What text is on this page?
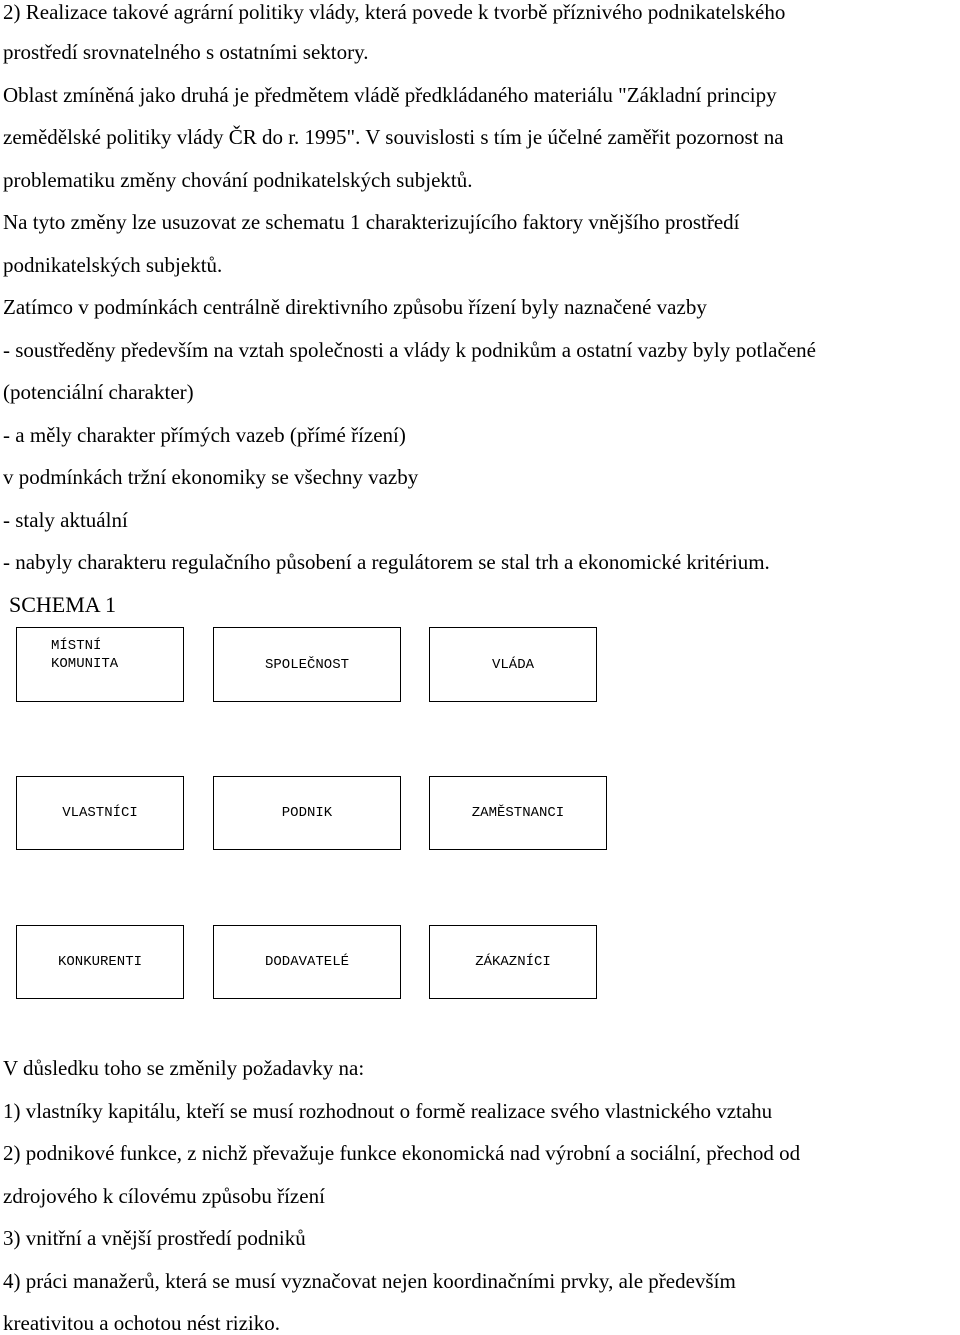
2) Realizace takové agrární politiky vlády, která povede k tvorbě příznivého podnikatelského
prostředí srovnatelného s ostatními sektory.
Oblast zmíněná jako druhá je předmětem vládě předkládaného materiálu "Základní principy
zemědělské politiky vlády ČR do r. 1995". V souvislosti s tím je účelné zaměřit pozornost na
problematiku změny chování podnikatelských subjektů.
Na tyto změny lze usuzovat ze schematu 1 charakterizujícího faktory vnějšího prostředí
podnikatelských subjektů.
Zatímco v podmínkách centrálně direktivního způsobu řízení byly naznačené vazby
- soustředěny především na vztah společnosti a vlády k podnikům a ostatní vazby byly potlačené
(potenciální charakter)
- a měly charakter přímých vazeb (přímé řízení)
v podmínkách tržní ekonomiky se všechny vazby
- staly aktuální
- nabyly charakteru regulačního působení a regulátorem se stal trh a ekonomické kritérium.
SCHEMA 1
MÍSTNÍ
KOMUNITA	SPOLEČNOST	VLÁDA
VLASTNÍCI	PODNIK	ZAMĚSTNANCI
KONKURENTI	DODAVATELÉ	ZÁKAZNÍCI
V důsledku toho se změnily požadavky na:
1) vlastníky kapitálu, kteří se musí rozhodnout o formě realizace svého vlastnického vztahu
2) podnikové funkce, z nichž převažuje funkce ekonomická nad výrobní a sociální, přechod od
zdrojového k cílovému způsobu řízení
3) vnitřní a vnější prostředí podniků
4) práci manažerů, která se musí vyznačovat nejen koordinačními prvky, ale především
kreativitou a ochotou nést riziko.
